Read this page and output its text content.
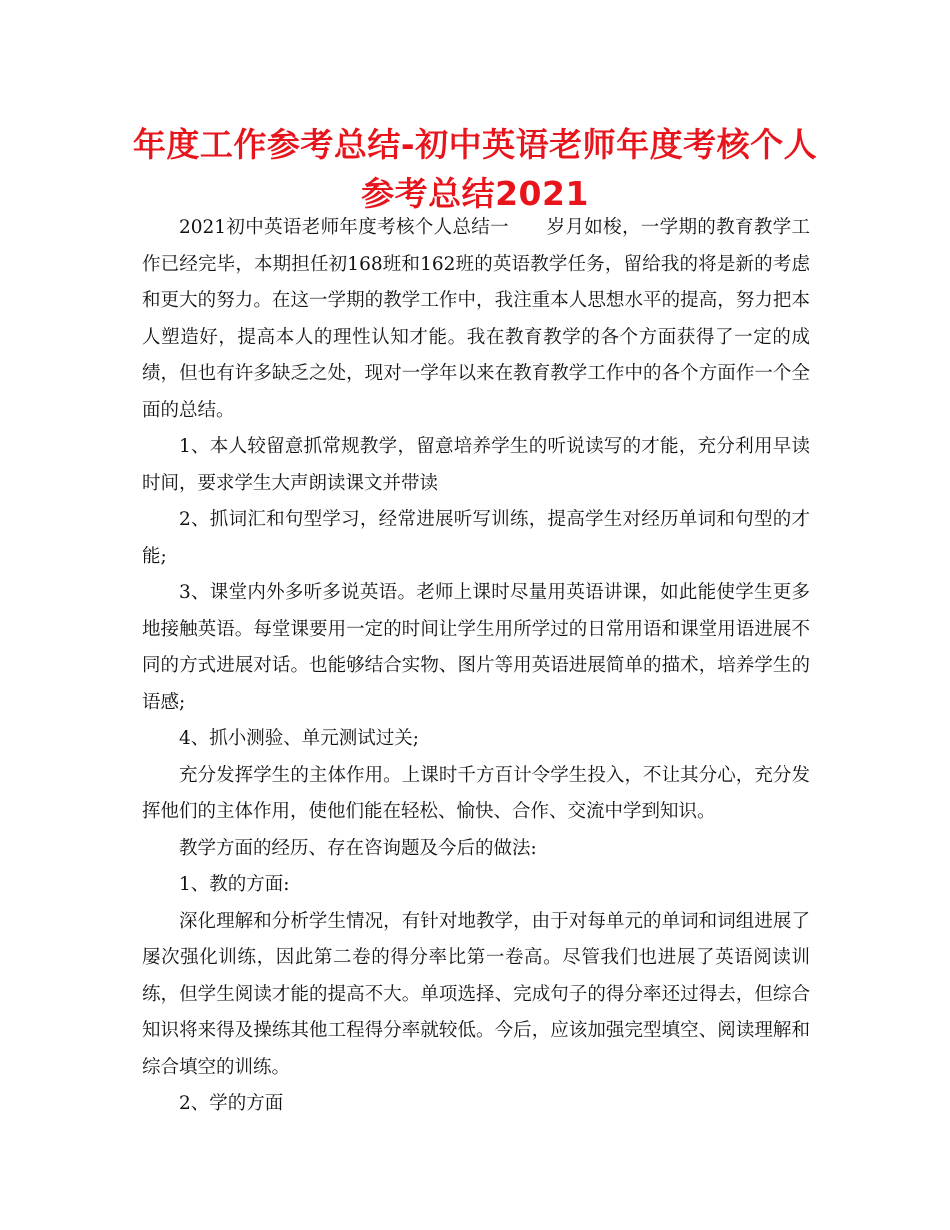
年度工作参考总结-初中英语老师年度考核个人参考总结2021

2021初中英语老师年度考核个人总结一　　岁月如梭，一学期的教育教学工作已经完毕，本期担任初168班和162班的英语教学任务，留给我的将是新的考虑和更大的努力。在这一学期的教学工作中，我注重本人思想水平的提高，努力把本人塑造好，提高本人的理性认知才能。我在教育教学的各个方面获得了一定的成绩，但也有许多缺乏之处，现对一学年以来在教育教学工作中的各个方面作一个全面的总结。

1、本人较留意抓常规教学，留意培养学生的听说读写的才能，充分利用早读时间，要求学生大声朗读课文并带读

2、抓词汇和句型学习，经常进展听写训练，提高学生对经历单词和句型的才能;

3、课堂内外多听多说英语。老师上课时尽量用英语讲课，如此能使学生更多地接触英语。每堂课要用一定的时间让学生用所学过的日常用语和课堂用语进展不同的方式进展对话。也能够结合实物、图片等用英语进展简单的描术，培养学生的语感;

4、抓小测验、单元测试过关;

充分发挥学生的主体作用。上课时千方百计令学生投入，不让其分心，充分发挥他们的主体作用，使他们能在轻松、愉快、合作、交流中学到知识。

教学方面的经历、存在咨询题及今后的做法:

1、教的方面:

深化理解和分析学生情况，有针对地教学，由于对每单元的单词和词组进展了屡次强化训练，因此第二卷的得分率比第一卷高。尽管我们也进展了英语阅读训练，但学生阅读才能的提高不大。单项选择、完成句子的得分率还过得去，但综合知识将来得及操练其他工程得分率就较低。今后，应该加强完型填空、阅读理解和综合填空的训练。

2、学的方面
